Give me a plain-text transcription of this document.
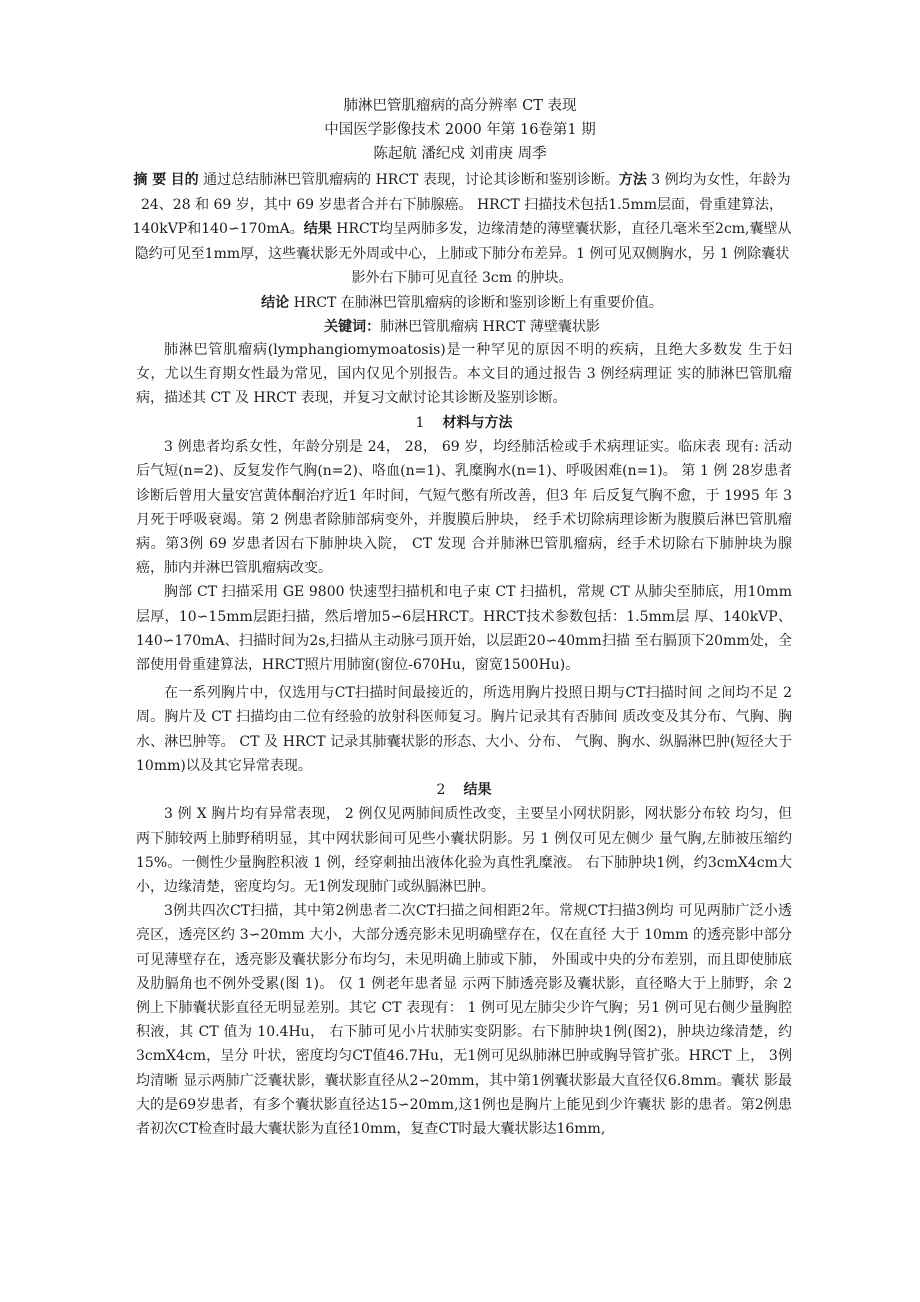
肺淋巴管肌瘤病的高分辨率 CT 表现
中国医学影像技术 2000 年第 16卷第1 期
陈起航 潘纪戍 刘甫庚 周季

摘 要 目的 通过总结肺淋巴管肌瘤病的 HRCT 表现，讨论其诊断和鉴别诊断。方法 3 例均为女性，年龄为 24、28 和 69 岁，其中 69 岁患者合并右下肺腺癌。 HRCT 扫描技术包括1.5mm层面，骨重建算法，140kVP和140∽170mA。结果 HRCT均呈两肺多发，边缘清楚的薄壁囊状影，直径几毫米至2cm,囊壁从隐约可见至1mm厚，这些囊状影无外周或中心，上肺或下肺分布差异。1 例可见双侧胸水，另 1 例除囊状影外右下肺可见直径 3cm 的肿块。

结论 HRCT 在肺淋巴管肌瘤病的诊断和鉴别诊断上有重要价值。

关键词：肺淋巴管肌瘤病 HRCT 薄壁囊状影

肺淋巴管肌瘤病(lymphangiomymoatosis)是一种罕见的原因不明的疾病，且绝大多数发 生于妇女，尤以生育期女性最为常见，国内仅见个别报告。本文目的通过报告 3 例经病理证 实的肺淋巴管肌瘤病，描述其 CT 及 HRCT 表现，并复习文献讨论其诊断及鉴别诊断。

1 材料与方法

3 例患者均系女性，年龄分别是 24， 28， 69 岁，均经肺活检或手术病理证实。临床表 现有: 活动后气短(n=2)、反复发作气胸(n=2)、咯血(n=1)、乳糜胸水(n=1)、呼吸困难(n=1)。 第 1 例 28岁患者诊断后曾用大量安宫黄体酮治疗近1 年时间，气短气憋有所改善，但3 年 后反复气胸不愈，于 1995 年 3 月死于呼吸衰竭。第 2 例患者除肺部病变外，并腹膜后肿块， 经手术切除病理诊断为腹膜后淋巴管肌瘤病。第3例 69 岁患者因右下肺肿块入院， CT 发现 合并肺淋巴管肌瘤病，经手术切除右下肺肿块为腺癌，肺内并淋巴管肌瘤病改变。

胸部 CT 扫描采用 GE 9800 快速型扫描机和电子束 CT 扫描机，常规 CT 从肺尖至肺底，用10mm层厚，10∽15mm层距扫描，然后增加5∽6层HRCT。HRCT技术参数包括：1.5mm层 厚、140kVP、140∽170mA、扫描时间为2s,扫描从主动脉弓顶开始，以层距20∽40mm扫描 至右膈顶下20mm处，全部使用骨重建算法，HRCT照片用肺窗(窗位-670Hu，窗宽1500Hu)。

在一系列胸片中，仅选用与CT扫描时间最接近的，所选用胸片投照日期与CT扫描时间 之间均不足 2 周。胸片及 CT 扫描均由二位有经验的放射科医师复习。胸片记录其有否肺间 质改变及其分布、气胸、胸水、淋巴肿等。 CT 及 HRCT 记录其肺囊状影的形态、大小、分布、 气胸、胸水、纵膈淋巴肿(短径大于10mm)以及其它异常表现。

2 结果

3 例 X 胸片均有异常表现， 2 例仅见两肺间质性改变，主要呈小网状阴影，网状影分布较 均匀，但两下肺较两上肺野稍明显，其中网状影间可见些小囊状阴影。另 1 例仅可见左侧少 量气胸,左肺被压缩约 15%。一侧性少量胸腔积液 1 例，经穿刺抽出液体化验为真性乳糜液。 右下肺肿块1例，约3cmX4cm大小，边缘清楚，密度均匀。无1例发现肺门或纵膈淋巴肿。

3例共四次CT扫描，其中第2例患者二次CT扫描之间相距2年。常规CT扫描3例均 可见两肺广泛小透亮区，透亮区约 3∽20mm 大小，大部分透亮影未见明确壁存在，仅在直径 大于 10mm 的透亮影中部分可见薄壁存在，透亮影及囊状影分布均匀，未见明确上肺或下肺， 外围或中央的分布差别，而且即使肺底及肋膈角也不例外受累(图 1)。 仅 1 例老年患者显 示两下肺透亮影及囊状影，直径略大于上肺野，余 2 例上下肺囊状影直径无明显差别。其它 CT 表现有： 1 例可见左肺尖少许气胸；另1 例可见右侧少量胸腔积液，其 CT 值为 10.4Hu， 右下肺可见小片状肺实变阴影。右下肺肿块1例(图2)，肿块边缘清楚，约3cmX4cm，呈分 叶状，密度均匀CT值46.7Hu，无1例可见纵肺淋巴肿或胸导管扩张。HRCT 上， 3例均清晰 显示两肺广泛囊状影，囊状影直径从2∽20mm，其中第1例囊状影最大直径仅6.8mm。囊状 影最大的是69岁患者，有多个囊状影直径达15∽20mm,这1例也是胸片上能见到少许囊状 影的患者。第2例患者初次CT检查时最大囊状影为直径10mm，复查CT时最大囊状影达16mm,
